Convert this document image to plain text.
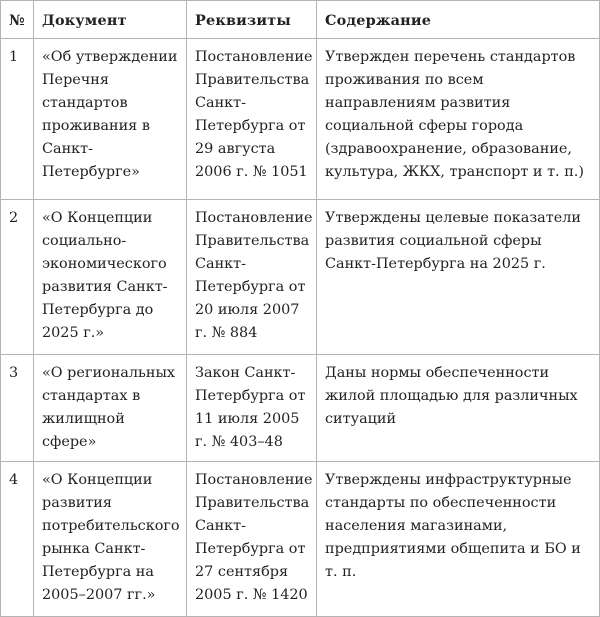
№	Документ	Реквизиты	Содержание
1	«Об утверждении Перечня стандартов проживания в Санкт-Петербурге»	Постановление Правительства Санкт-Петербурга от 29 августа 2006 г. № 1051	Утвержден перечень стандартов проживания по всем направлениям развития социальной сферы города (здравоохранение, образование, культура, ЖКХ, транспорт и т. п.)
2	«О Концепции социально-экономического развития Санкт-Петербурга до 2025 г.»	Постановление Правительства Санкт-Петербурга от 20 июля 2007 г. № 884	Утверждены целевые показатели развития социальной сферы Санкт-Петербурга на 2025 г.
3	«О региональных стандартах в жилищной сфере»	Закон Санкт-Петербурга от 11 июля 2005 г. № 403–48	Даны нормы обеспеченности жилой площадью для различных ситуаций
4	«О Концепции развития потребительского рынка Санкт-Петербурга на 2005–2007 гг.»	Постановление Правительства Санкт-Петербурга от 27 сентября 2005 г. № 1420	Утверждены инфраструктурные стандарты по обеспеченности населения магазинами, предприятиями общепита и БО и т. п.
